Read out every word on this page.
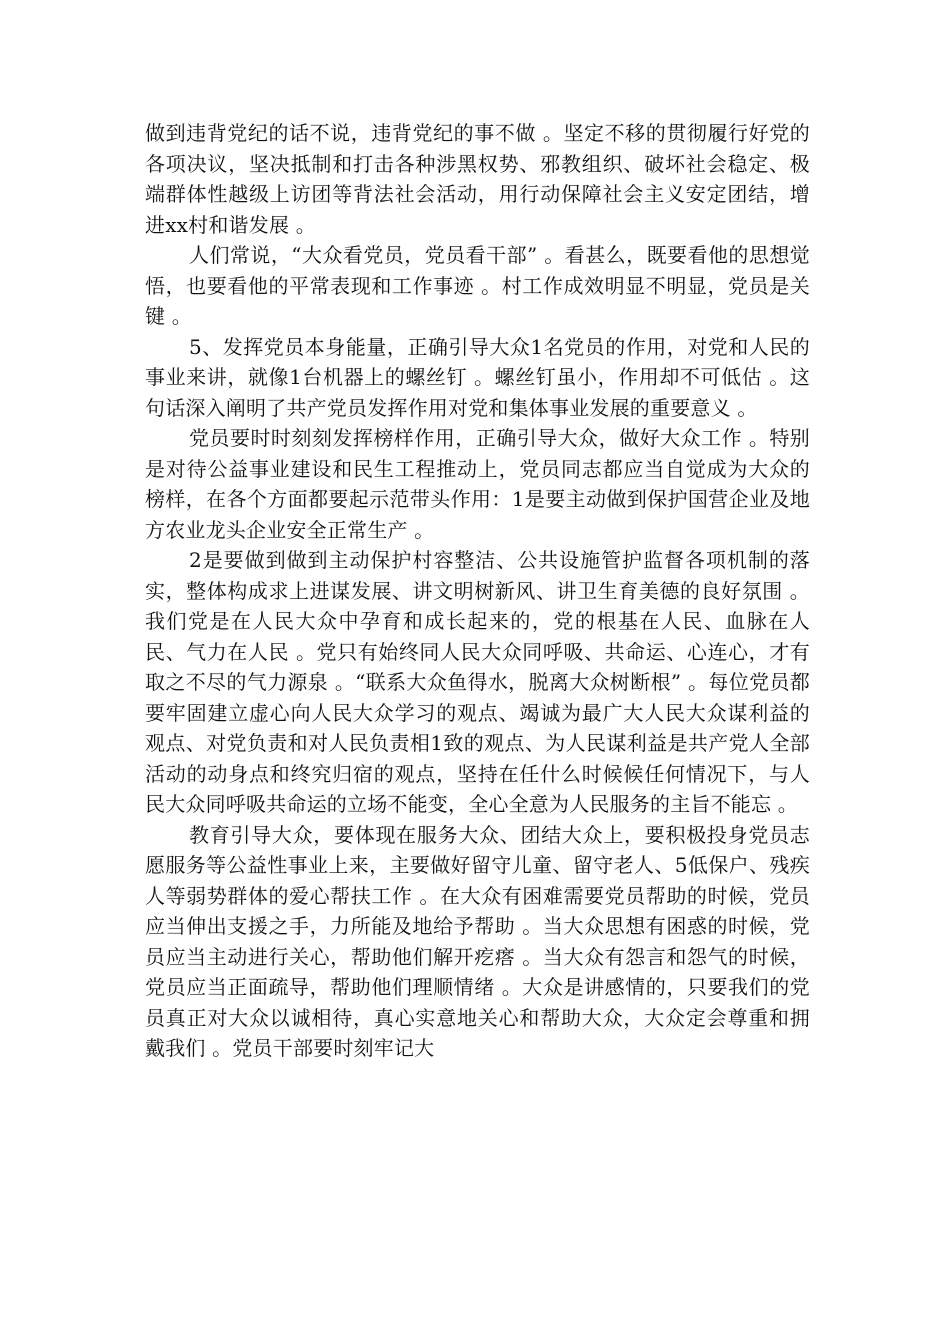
做到违背党纪的话不说，违背党纪的事不做 。坚定不移的贯彻履行好党的各项决议，坚决抵制和打击各种涉黑权势、邪教组织、破坏社会稳定、极端群体性越级上访团等背法社会活动，用行动保障社会主义安定团结，增进xx村和谐发展 。

人们常说，“大众看党员，党员看干部” 。看甚么，既要看他的思想觉悟，也要看他的平常表现和工作事迹 。村工作成效明显不明显，党员是关键 。

5、发挥党员本身能量，正确引导大众1名党员的作用，对党和人民的事业来讲，就像1台机器上的螺丝钉 。螺丝钉虽小，作用却不可低估 。这句话深入阐明了共产党员发挥作用对党和集体事业发展的重要意义 。

党员要时时刻刻发挥榜样作用，正确引导大众，做好大众工作 。特别是对待公益事业建设和民生工程推动上，党员同志都应当自觉成为大众的榜样，在各个方面都要起示范带头作用：1是要主动做到保护国营企业及地方农业龙头企业安全正常生产 。

2是要做到做到主动保护村容整洁、公共设施管护监督各项机制的落实，整体构成求上进谋发展、讲文明树新风、讲卫生育美德的良好氛围 。我们党是在人民大众中孕育和成长起来的，党的根基在人民、血脉在人民、气力在人民 。党只有始终同人民大众同呼吸、共命运、心连心，才有取之不尽的气力源泉 。“联系大众鱼得水，脱离大众树断根” 。每位党员都要牢固建立虚心向人民大众学习的观点、竭诚为最广大人民大众谋利益的观点、对党负责和对人民负责相1致的观点、为人民谋利益是共产党人全部活动的动身点和终究归宿的观点，坚持在任什么时候候任何情况下，与人民大众同呼吸共命运的立场不能变，全心全意为人民服务的主旨不能忘 。

教育引导大众，要体现在服务大众、团结大众上，要积极投身党员志愿服务等公益性事业上来，主要做好留守儿童、留守老人、5低保户、残疾人等弱势群体的爱心帮扶工作 。在大众有困难需要党员帮助的时候，党员应当伸出支援之手，力所能及地给予帮助 。当大众思想有困惑的时候，党员应当主动进行关心，帮助他们解开疙瘩 。当大众有怨言和怨气的时候，党员应当正面疏导，帮助他们理顺情绪 。大众是讲感情的，只要我们的党员真正对大众以诚相待，真心实意地关心和帮助大众，大众定会尊重和拥戴我们 。党员干部要时刻牢记大
